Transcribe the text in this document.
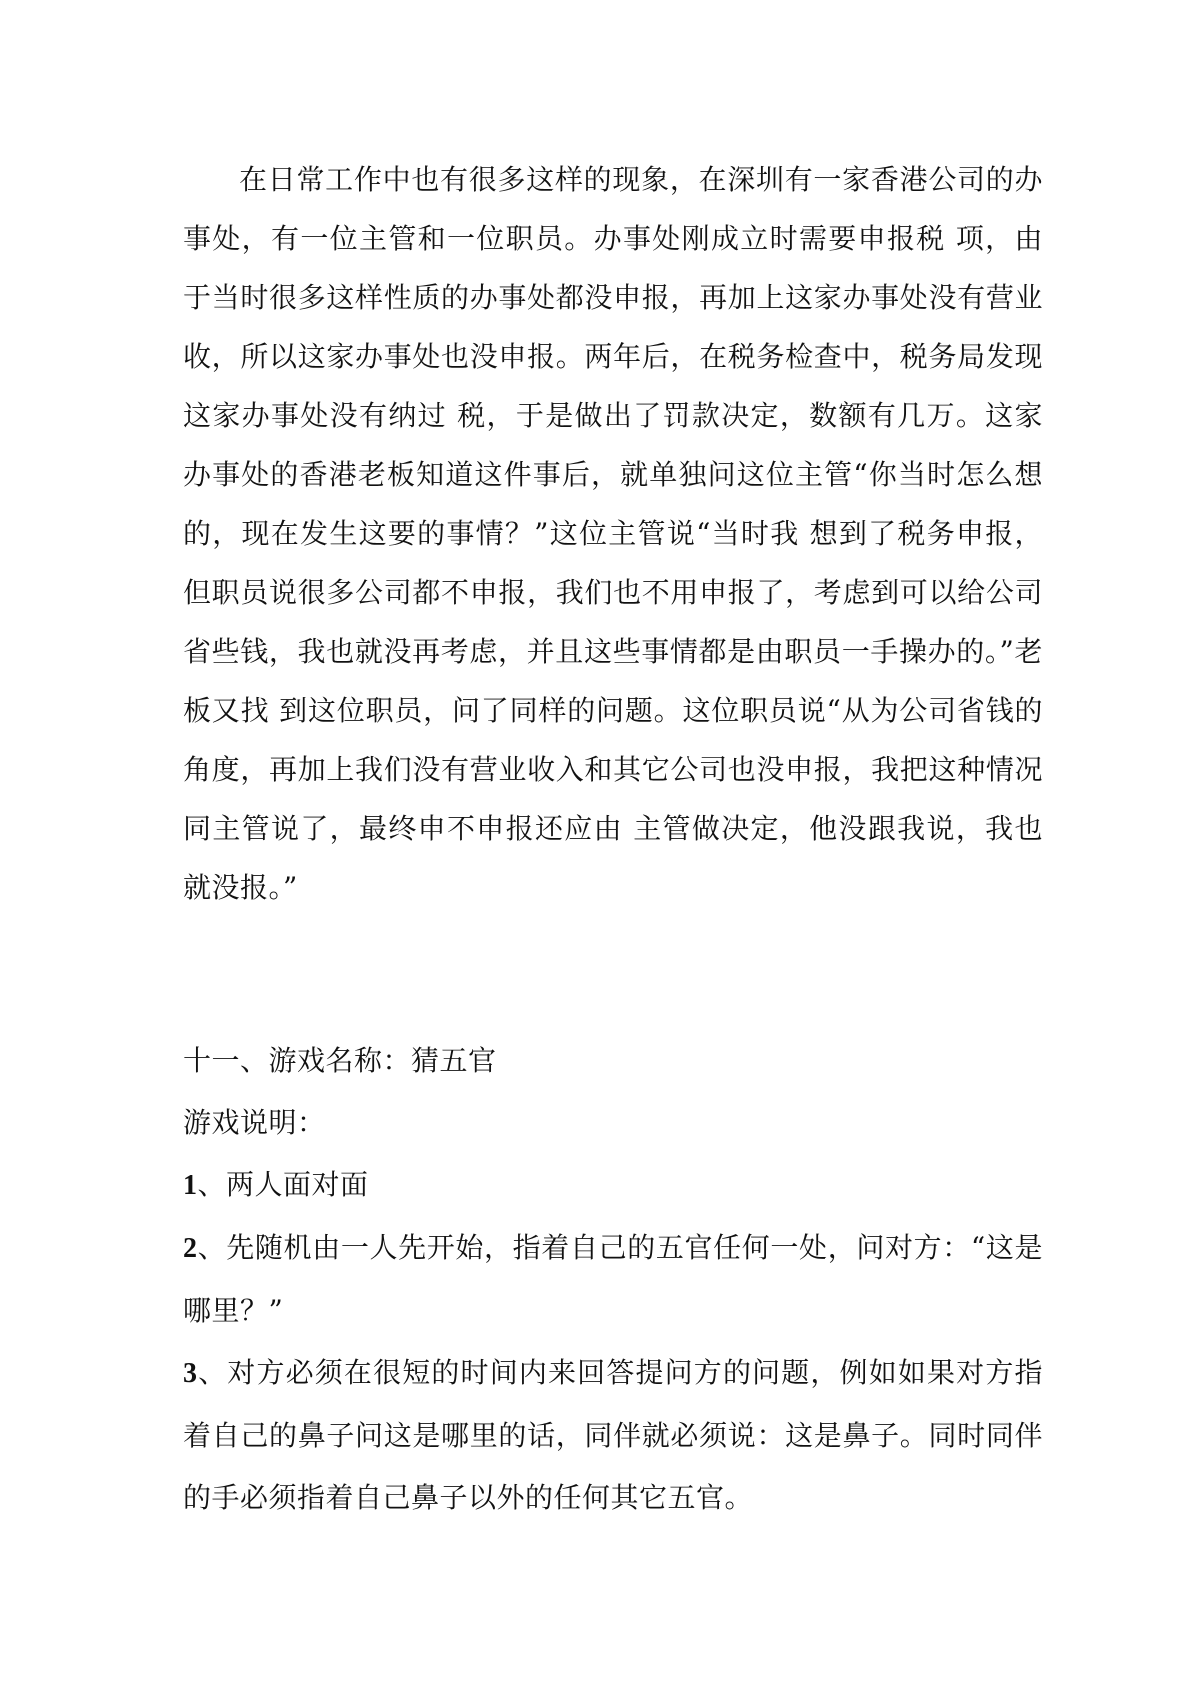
在日常工作中也有很多这样的现象，在深圳有一家香港公司的办事处，有一位主管和一位职员。办事处刚成立时需要申报税 项，由于当时很多这样性质的办事处都没申报，再加上这家办事处没有营业收，所以这家办事处也没申报。两年后，在税务检查中，税务局发现这家办事处没有纳过 税，于是做出了罚款决定，数额有几万。这家办事处的香港老板知道这件事后，就单独问这位主管“你当时怎么想的，现在发生这要的事情？”这位主管说“当时我 想到了税务申报，但职员说很多公司都不申报，我们也不用申报了，考虑到可以给公司省些钱，我也就没再考虑，并且这些事情都是由职员一手操办的。”老板又找 到这位职员，问了同样的问题。这位职员说“从为公司省钱的角度，再加上我们没有营业收入和其它公司也没申报，我把这种情况同主管说了，最终申不申报还应由 主管做决定，他没跟我说，我也就没报。”

十一、游戏名称：猜五官

游戏说明：

1、两人面对面

2、先随机由一人先开始，指着自己的五官任何一处，问对方：“这是哪里？”

3、对方必须在很短的时间内来回答提问方的问题，例如如果对方指着自己的鼻子问这是哪里的话，同伴就必须说：这是鼻子。同时同伴的手必须指着自己鼻子以外的任何其它五官。
